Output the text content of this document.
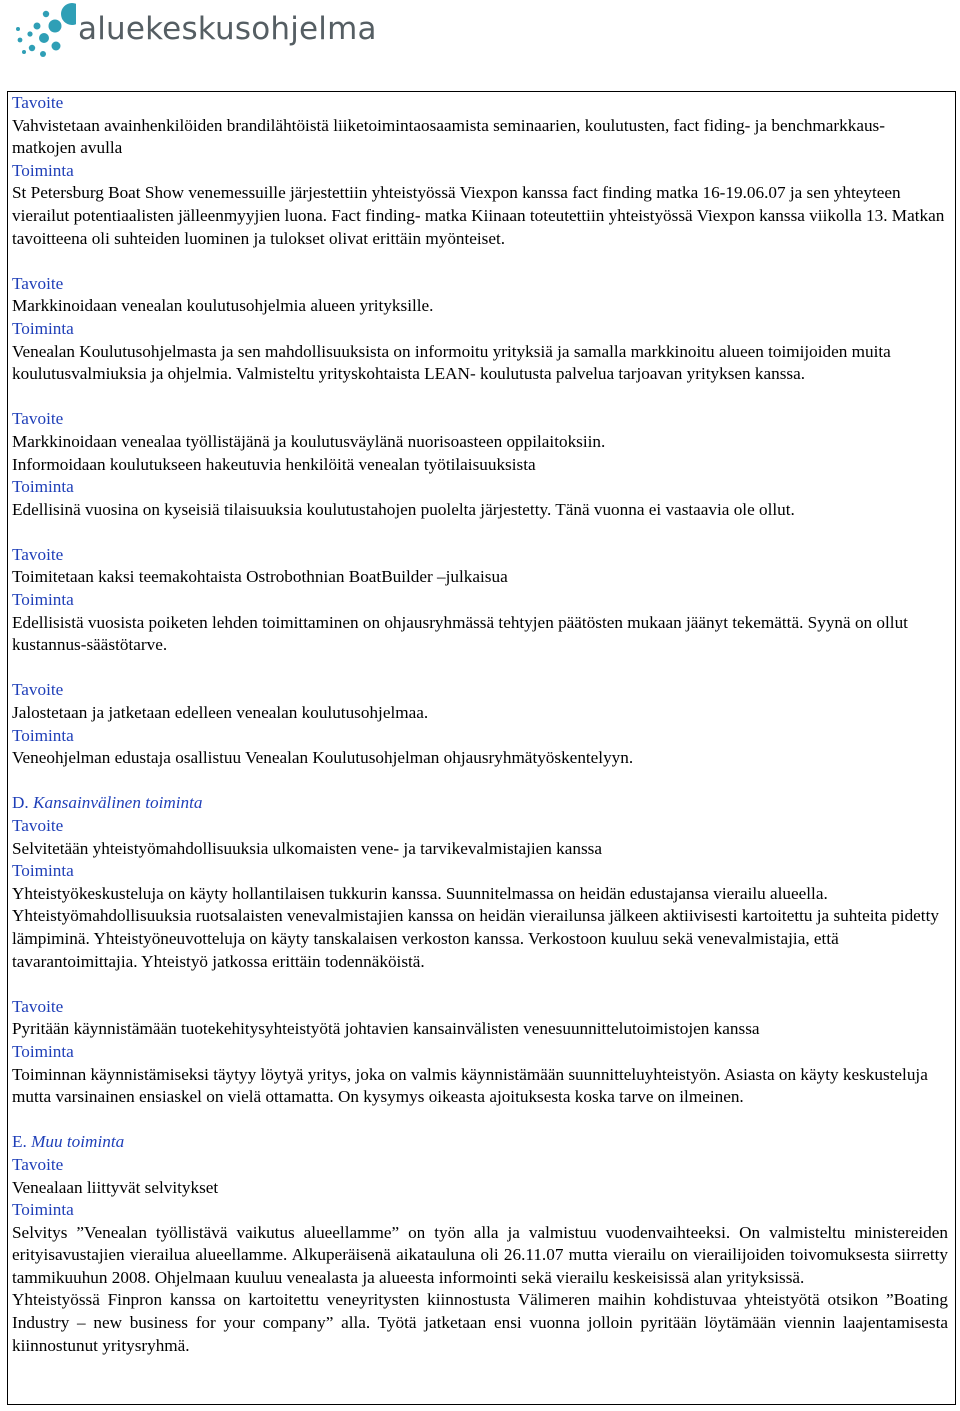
aluekeskusohjelma

Tavoite

Vahvistetaan avainhenkilöiden brandilähtöistä liiketoimintaosaamista seminaarien, koulutusten, fact fiding- ja benchmarkkaus- matkojen avulla

Toiminta

St Petersburg Boat Show venemessuille järjestettiin yhteistyössä Viexpon kanssa fact finding matka 16-19.06.07 ja sen yhteyteen vierailut potentiaalisten jälleenmyyjien luona. Fact finding- matka Kiinaan toteutettiin yhteistyössä Viexpon kanssa viikolla 13. Matkan tavoitteena oli suhteiden luominen ja tulokset olivat erittäin myönteiset.

Tavoite

Markkinoidaan venealan koulutusohjelmia alueen yrityksille.

Toiminta

Venealan Koulutusohjelmasta ja sen mahdollisuuksista on informoitu yrityksiä ja samalla markkinoitu alueen toimijoiden muita koulutusvalmiuksia ja ohjelmia. Valmisteltu yrityskohtaista LEAN- koulutusta palvelua tarjoavan yrityksen kanssa.

Tavoite

Markkinoidaan venealaa työllistäjänä ja koulutusväylänä nuorisoasteen oppilaitoksiin.

Informoidaan koulutukseen hakeutuvia henkilöitä venealan työtilaisuuksista

Toiminta

Edellisinä vuosina on kyseisiä tilaisuuksia koulutustahojen puolelta järjestetty. Tänä vuonna ei vastaavia ole ollut.

Tavoite

Toimitetaan kaksi teemakohtaista Ostrobothnian BoatBuilder –julkaisua

Toiminta

Edellisistä vuosista poiketen lehden toimittaminen on ohjausryhmässä tehtyjen päätösten mukaan jäänyt tekemättä. Syynä on ollut kustannus-säästötarve.

Tavoite

Jalostetaan ja jatketaan edelleen venealan koulutusohjelmaa.

Toiminta

Veneohjelman edustaja osallistuu Venealan Koulutusohjelman ohjausryhmätyöskentelyyn.

D. Kansainvälinen toiminta

Tavoite

Selvitetään yhteistyömahdollisuuksia ulkomaisten vene- ja tarvikevalmistajien kanssa

Toiminta

Yhteistyökeskusteluja on käyty hollantilaisen tukkurin kanssa. Suunnitelmassa on heidän edustajansa vierailu alueella. Yhteistyömahdollisuuksia ruotsalaisten venevalmistajien kanssa on heidän vierailunsa jälkeen aktiivisesti kartoitettu ja suhteita pidetty lämpiminä. Yhteistyöneuvotteluja on käyty tanskalaisen verkoston kanssa. Verkostoon kuuluu sekä venevalmistajia, että tavarantoimittajia. Yhteistyö jatkossa erittäin todennäköistä.

Tavoite

Pyritään käynnistämään tuotekehitysyhteistyötä johtavien kansainvälisten venesuunnittelutoimistojen kanssa

Toiminta

Toiminnan käynnistämiseksi täytyy löytyä yritys, joka on valmis käynnistämään suunnitteluyhteistyön. Asiasta on käyty keskusteluja mutta varsinainen ensiaskel on vielä ottamatta. On kysymys oikeasta ajoituksesta koska tarve on ilmeinen.

E. Muu toiminta

Tavoite

Venealaan liittyvät selvitykset

Toiminta

Selvitys ”Venealan työllistävä vaikutus alueellamme” on työn alla ja valmistuu vuodenvaihteeksi. On valmisteltu ministereiden erityisavustajien vierailua alueellamme. Alkuperäisenä aikatauluna oli 26.11.07 mutta vierailu on vierailijoiden toivomuksesta siirretty tammikuuhun 2008. Ohjelmaan kuuluu venealasta ja alueesta informointi sekä vierailu keskeisissä alan yrityksissä.

Yhteistyössä Finpron kanssa on kartoitettu veneyritysten kiinnostusta Välimeren maihin kohdistuvaa yhteistyötä otsikon ”Boating Industry – new business for your company” alla. Työtä jatketaan ensi vuonna jolloin pyritään löytämään viennin laajentamisesta kiinnostunut yritysryhmä.
